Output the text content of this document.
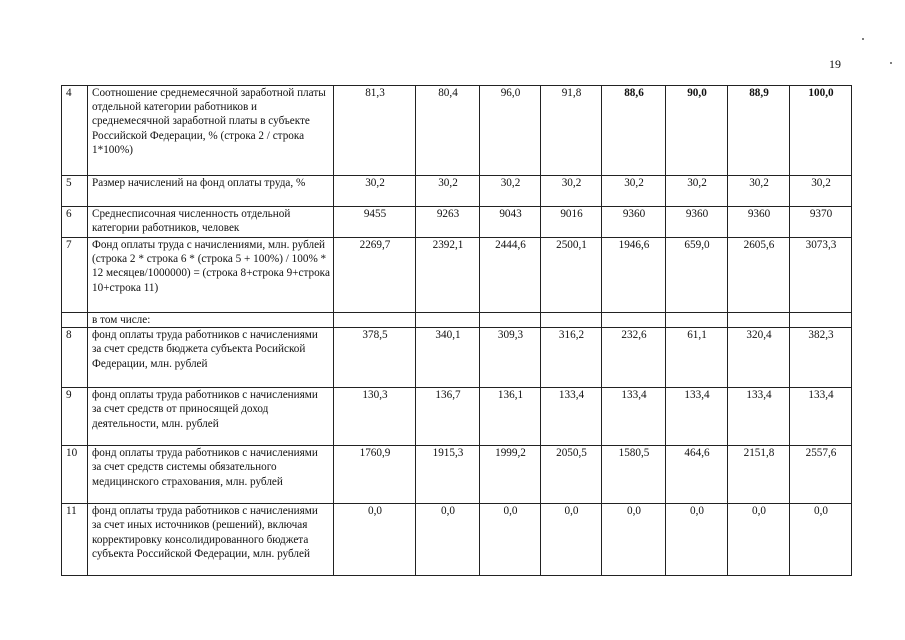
19
4	Соотношение среднемесячной заработной платы отдельной категории работников и среднемесячной заработной платы в субъекте Российской Федерации, % (строка 2 / строка 1*100%)	81,3	80,4	96,0	91,8	88,6	90,0	88,9	100,0
5	Размер начислений на фонд оплаты труда, %	30,2	30,2	30,2	30,2	30,2	30,2	30,2	30,2
6	Среднесписочная численность отдельной категории работников, человек	9455	9263	9043	9016	9360	9360	9360	9370
7	Фонд оплаты труда с начислениями, млн. рублей (строка 2 * строка 6 * (строка 5 + 100%) / 100% * 12 месяцев/1000000) = (строка 8+строка 9+строка 10+строка 11)	2269,7	2392,1	2444,6	2500,1	1946,6	659,0	2605,6	3073,3
	в том числе:								
8	фонд оплаты труда работников с начислениями за счет средств бюджета субъекта Росийской Федерации, млн. рублей	378,5	340,1	309,3	316,2	232,6	61,1	320,4	382,3
9	фонд оплаты труда работников с начислениями за счет средств от приносящей доход деятельности, млн. рублей	130,3	136,7	136,1	133,4	133,4	133,4	133,4	133,4
10	фонд оплаты труда работников с начислениями за счет средств системы обязательного медицинского страхования, млн. рублей	1760,9	1915,3	1999,2	2050,5	1580,5	464,6	2151,8	2557,6
11	фонд оплаты труда работников с начислениями за счет иных источников (решений), включая корректировку консолидированного бюджета субъекта Российской Федерации, млн. рублей	0,0	0,0	0,0	0,0	0,0	0,0	0,0	0,0
